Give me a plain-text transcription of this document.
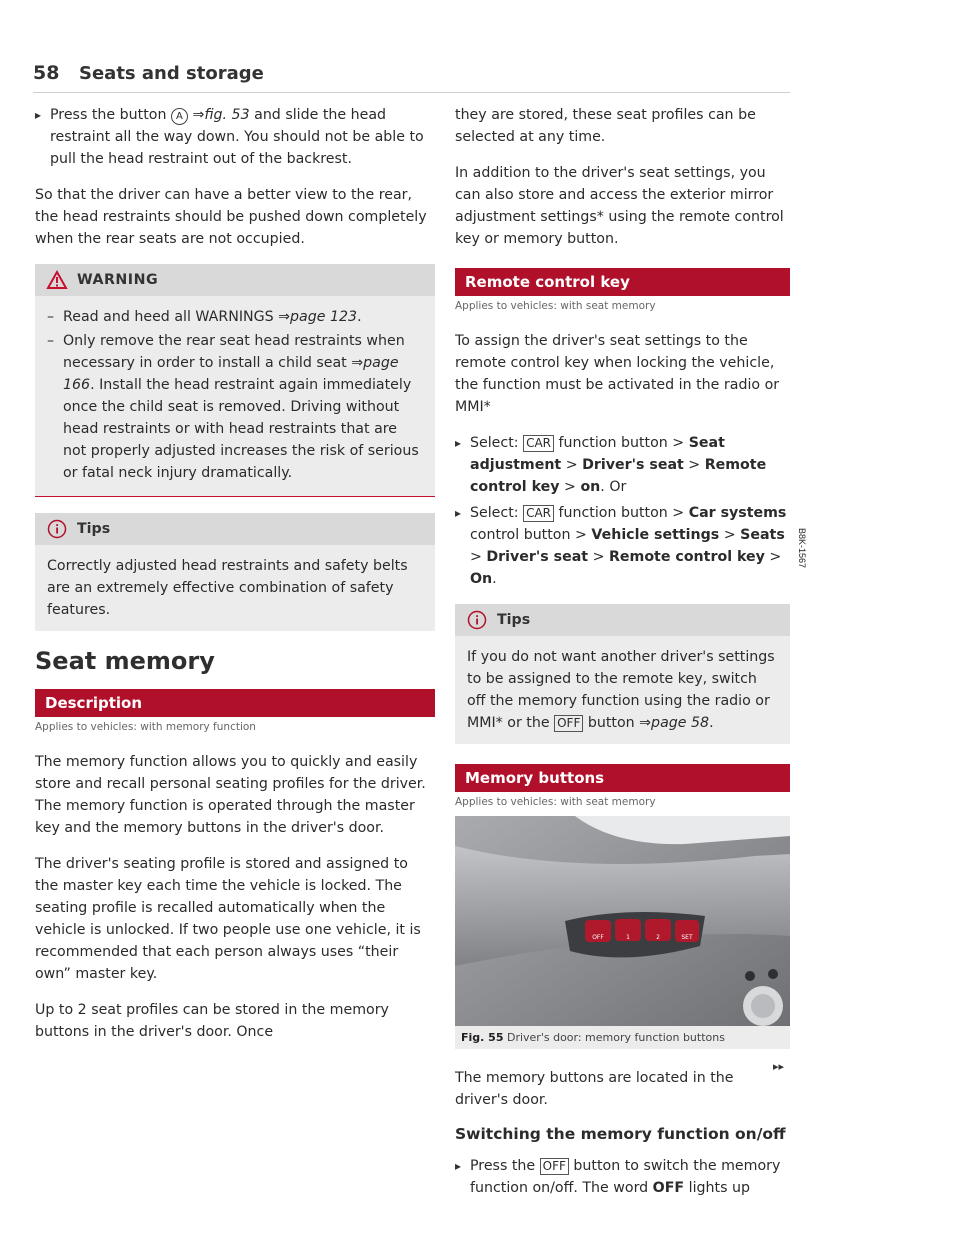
58 Seats and storage
▸ Press the button A ⇒fig. 53 and slide the head restraint all the way down. You should not be able to pull the head restraint out of the backrest.

So that the driver can have a better view to the rear, the head restraints should be pushed down completely when the rear seats are not occupied.

WARNING
– Read and heed all WARNINGS ⇒page 123.
– Only remove the rear seat head restraints when necessary in order to install a child seat ⇒page 166. Install the head restraint again immediately once the child seat is removed. Driving without head restraints or with head restraints that are not properly adjusted increases the risk of serious or fatal neck injury dramatically.
Tips
Correctly adjusted head restraints and safety belts are an extremely effective combination of safety features.
Seat memory
Description
Applies to vehicles: with memory function

The memory function allows you to quickly and easily store and recall personal seating profiles for the driver. The memory function is operated through the master key and the memory buttons in the driver's door.

The driver's seating profile is stored and assigned to the master key each time the vehicle is locked. The seating profile is recalled automatically when the vehicle is unlocked. If two people use one vehicle, it is recommended that each person always uses “their own” master key.

Up to 2 seat profiles can be stored in the memory buttons in the driver's door. Once

they are stored, these seat profiles can be selected at any time.

In addition to the driver's seat settings, you can also store and access the exterior mirror adjustment settings* using the remote control key or memory button.

Remote control key
Applies to vehicles: with seat memory

To assign the driver's seat settings to the remote control key when locking the vehicle, the function must be activated in the radio or MMI*

▸ Select: CAR function button > Seat adjustment > Driver's seat > Remote control key > on. Or
▸ Select: CAR function button > Car systems control button > Vehicle settings > Seats > Driver's seat > Remote control key > On.
Tips
If you do not want another driver's settings to be assigned to the remote key, switch off the memory function using the radio or MMI* or the OFF button ⇒page 58.
Memory buttons
Applies to vehicles: with seat memory
B8K-1567
OFF	1	2	SET
Fig. 55 Driver's door: memory function buttons

The memory buttons are located in the driver's door.

Switching the memory function on/off
▸ Press the OFF button to switch the memory function on/off. The word OFF lights up
▸▸
